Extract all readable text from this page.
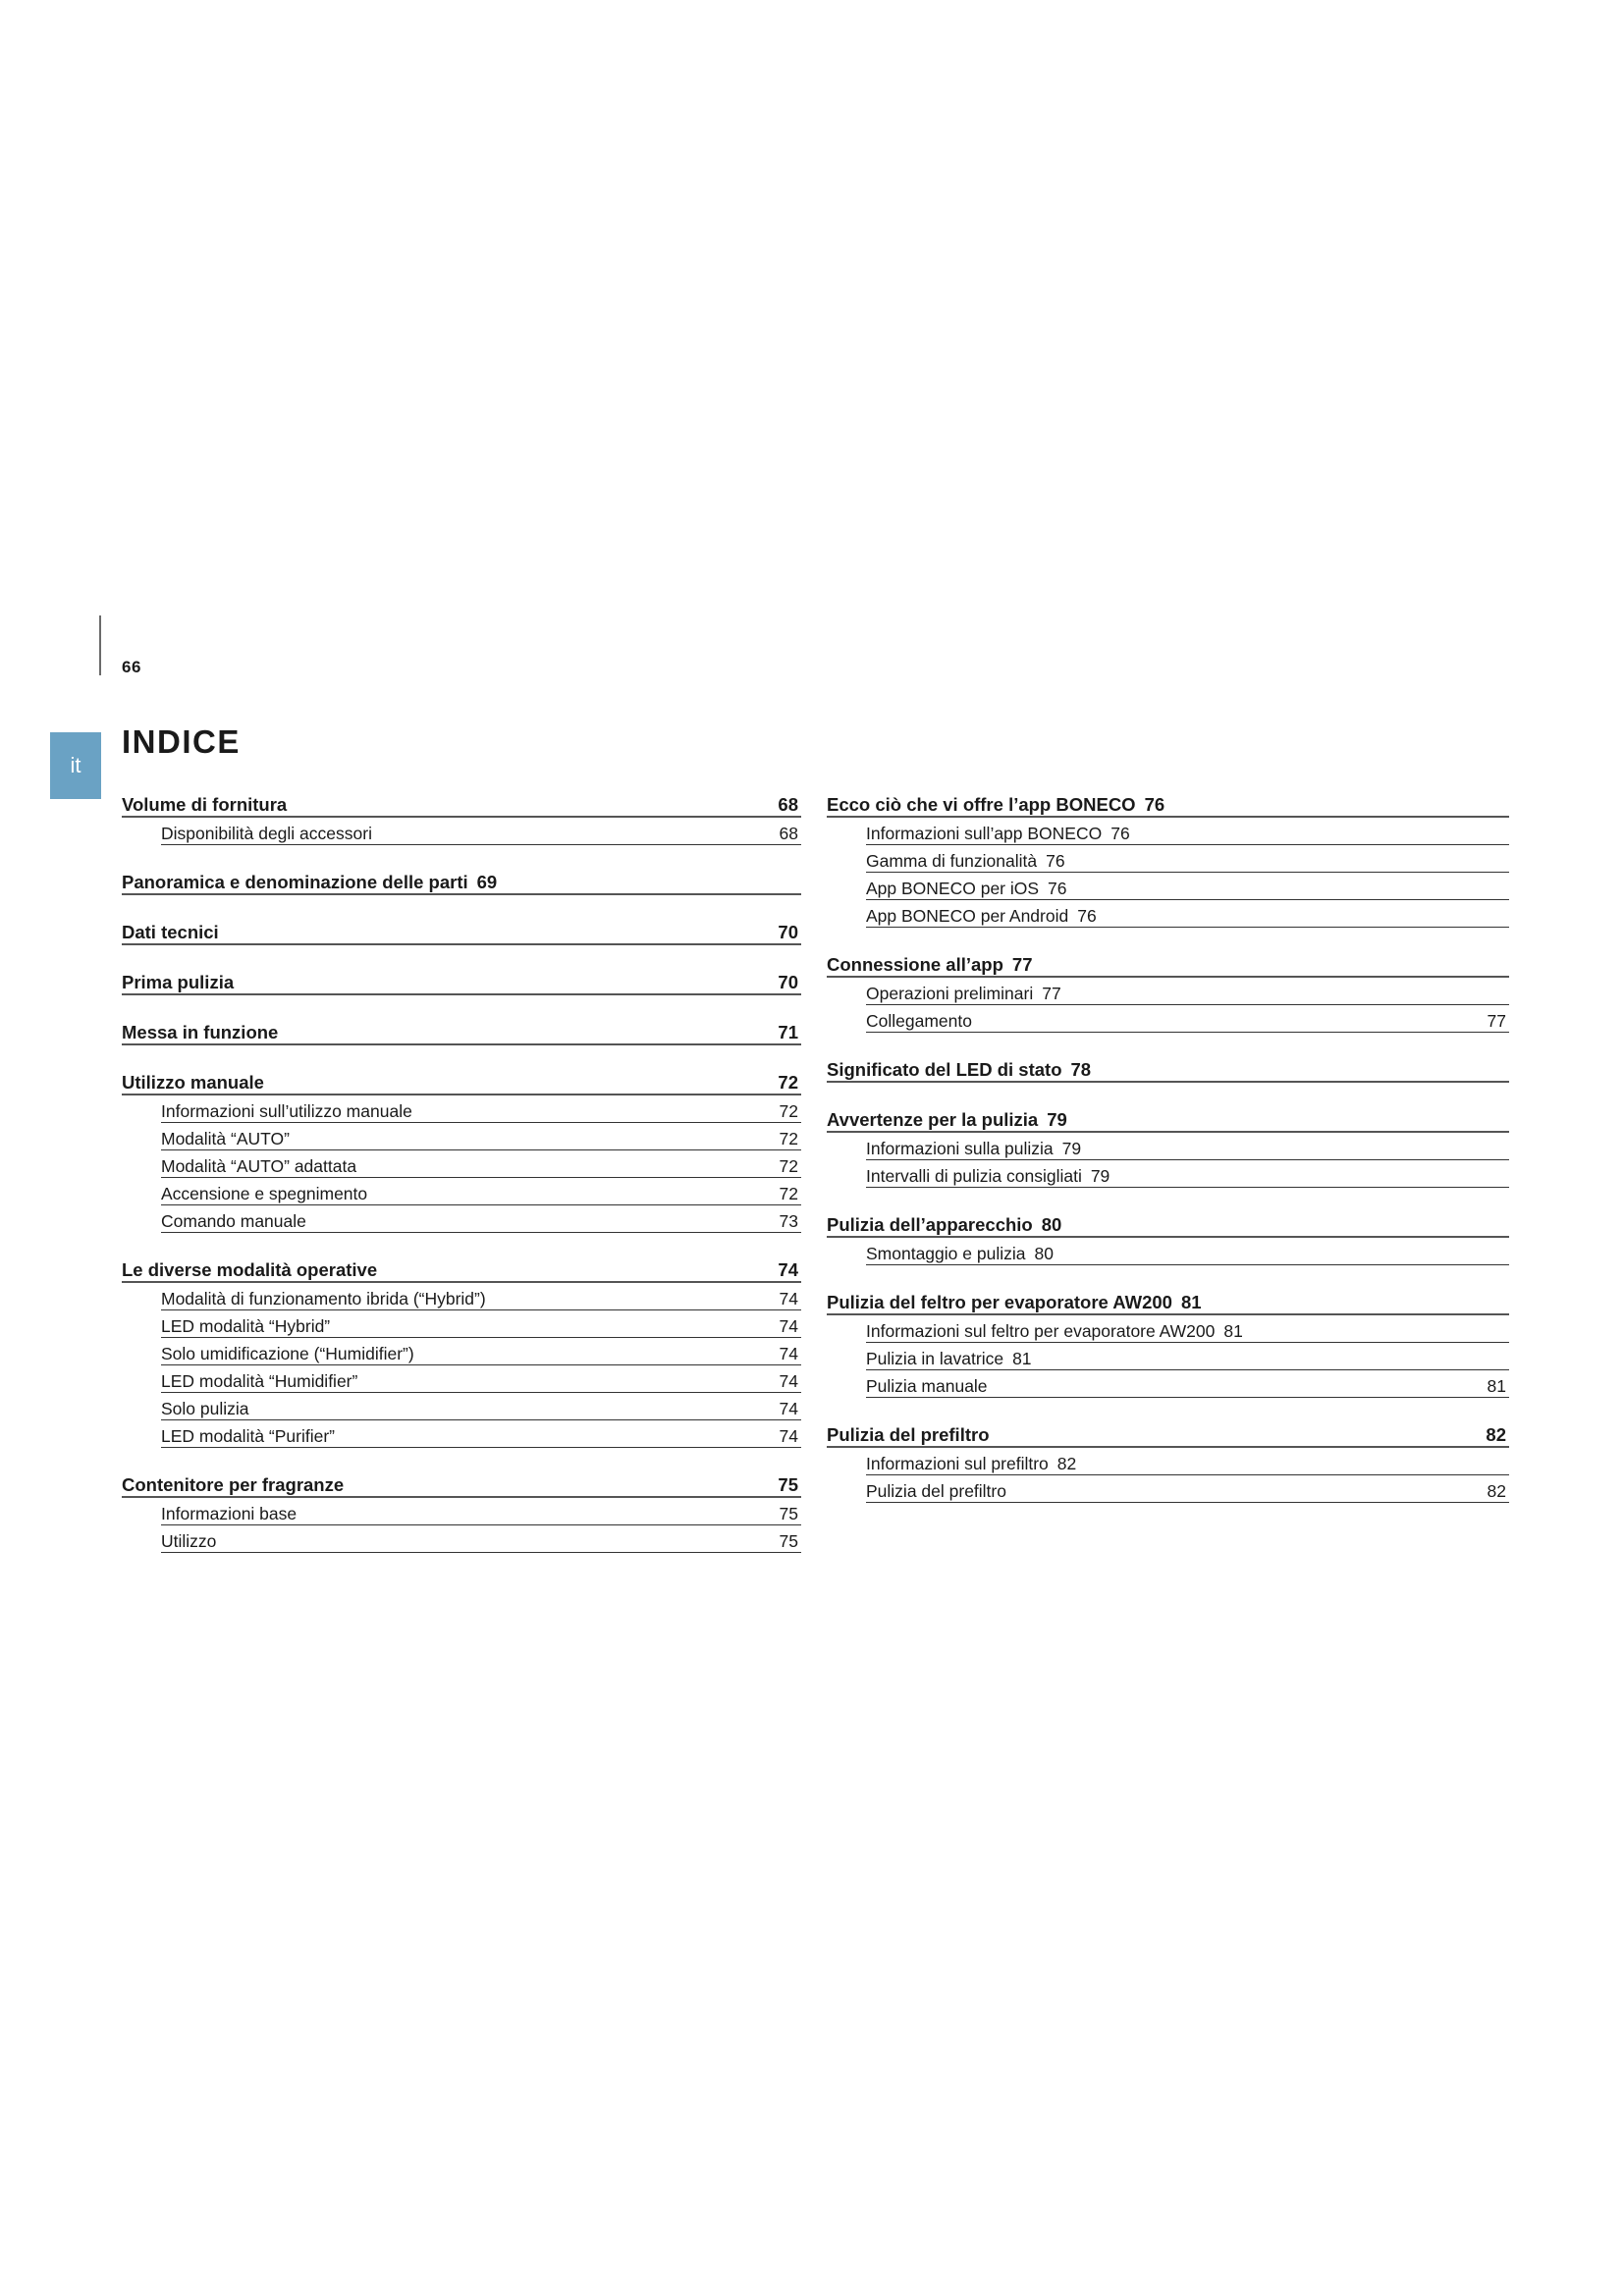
66
it
INDICE
Volume di fornitura	68
Disponibilità degli accessori	68
Panoramica e denominazione delle parti 69
Dati tecnici	70
Prima pulizia	70
Messa in funzione	71
Utilizzo manuale	72
Informazioni sull’utilizzo manuale	72
Modalità “AUTO”	72
Modalità “AUTO” adattata	72
Accensione e spegnimento	72
Comando manuale	73
Le diverse modalità operative	74
Modalità di funzionamento ibrida (“Hybrid”)	74
LED modalità “Hybrid”	74
Solo umidificazione (“Humidifier”)	74
LED modalità “Humidifier”	74
Solo pulizia	74
LED modalità “Purifier”	74
Contenitore per fragranze	75
Informazioni base	75
Utilizzo	75
Ecco ciò che vi offre l’app BONECO 76
Informazioni sull’app BONECO 76
Gamma di funzionalità 76
App BONECO per iOS 76
App BONECO per Android 76
Connessione all’app 77
Operazioni preliminari 77
Collegamento	77
Significato del LED di stato 78
Avvertenze per la pulizia 79
Informazioni sulla pulizia 79
Intervalli di pulizia consigliati 79
Pulizia dell’apparecchio 80
Smontaggio e pulizia 80
Pulizia del feltro per evaporatore AW200 81
Informazioni sul feltro per evaporatore AW200 81
Pulizia in lavatrice 81
Pulizia manuale	81
Pulizia del prefiltro	82
Informazioni sul prefiltro 82
Pulizia del prefiltro	82
